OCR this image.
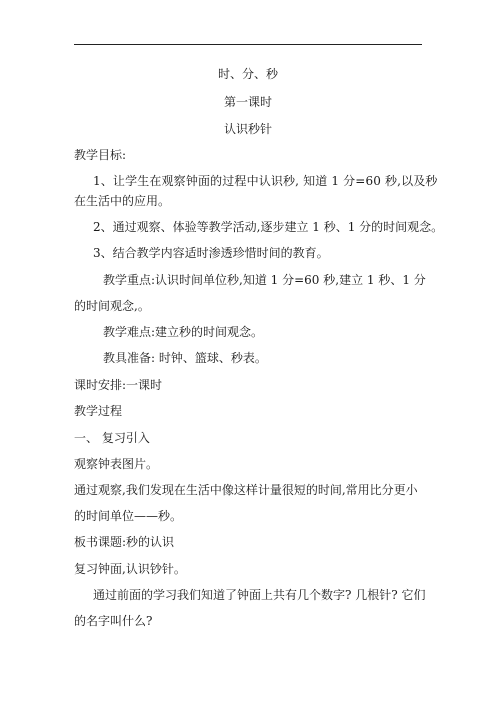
时、分、秒
第一课时
认识秒针
教学目标:
1、让学生在观察钟面的过程中认识秒, 知道 1 分=60 秒,以及秒
在生活中的应用。
2、通过观察、体验等教学活动,逐步建立 1 秒、1 分的时间观念。
3、结合教学内容适时渗透珍惜时间的教育。
教学重点:认识时间单位秒,知道 1 分=60 秒,建立 1 秒、1 分
的时间观念,。
教学难点:建立秒的时间观念。
教具准备: 时钟、篮球、秒表。
课时安排:一课时
教学过程
一、 复习引入
观察钟表图片。
通过观察,我们发现在生活中像这样计量很短的时间,常用比分更小
的时间单位——秒。
板书课题:秒的认识
复习钟面,认识钞针。
通过前面的学习我们知道了钟面上共有几个数字? 几根针? 它们
的名字叫什么?
